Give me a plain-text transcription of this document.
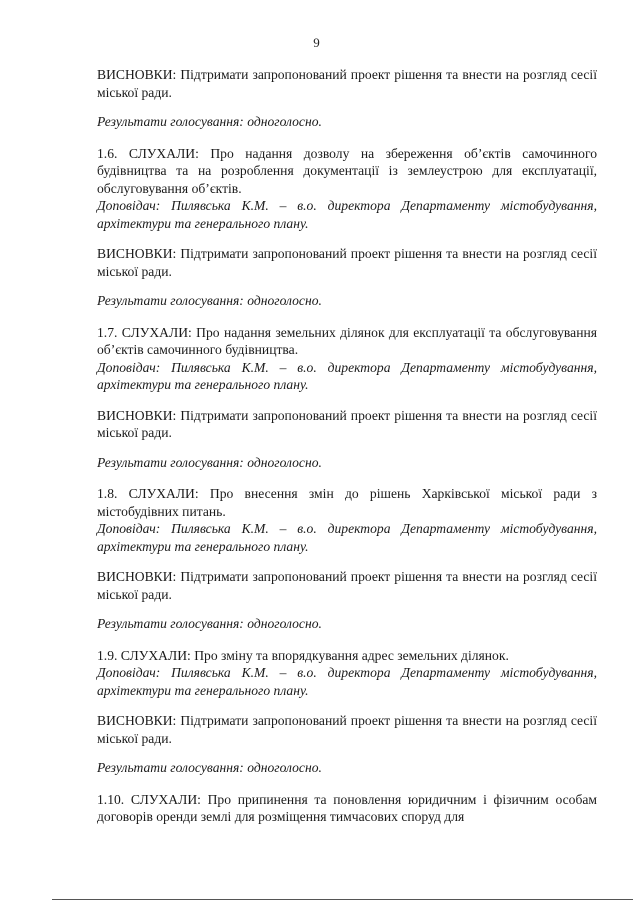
9

ВИСНОВКИ: Підтримати запропонований проект рішення та внести на розгляд сесії міської ради.

Результати голосування: одноголосно.

1.6. СЛУХАЛИ: Про надання дозволу на збереження об’єктів самочинного будівництва та на розроблення документації із землеустрою для експлуатації, обслуговування об’єктів.

Доповідач: Пилявська К.М. – в.о. директора Департаменту містобудування, архітектури та генерального плану.

ВИСНОВКИ: Підтримати запропонований проект рішення та внести на розгляд сесії міської ради.

Результати голосування: одноголосно.

1.7. СЛУХАЛИ: Про надання земельних ділянок для експлуатації та обслуговування об’єктів самочинного будівництва.

Доповідач: Пилявська К.М. – в.о. директора Департаменту містобудування, архітектури та генерального плану.

ВИСНОВКИ: Підтримати запропонований проект рішення та внести на розгляд сесії міської ради.

Результати голосування: одноголосно.

1.8. СЛУХАЛИ: Про внесення змін до рішень Харківської міської ради з містобудівних питань.

Доповідач: Пилявська К.М. – в.о. директора Департаменту містобудування, архітектури та генерального плану.

ВИСНОВКИ: Підтримати запропонований проект рішення та внести на розгляд сесії міської ради.

Результати голосування: одноголосно.

1.9. СЛУХАЛИ: Про зміну та впорядкування адрес земельних ділянок.

Доповідач: Пилявська К.М. – в.о. директора Департаменту містобудування, архітектури та генерального плану.

ВИСНОВКИ: Підтримати запропонований проект рішення та внести на розгляд сесії міської ради.

Результати голосування: одноголосно.

1.10. СЛУХАЛИ: Про припинення та поновлення юридичним і фізичним особам договорів оренди землі для розміщення тимчасових споруд для
